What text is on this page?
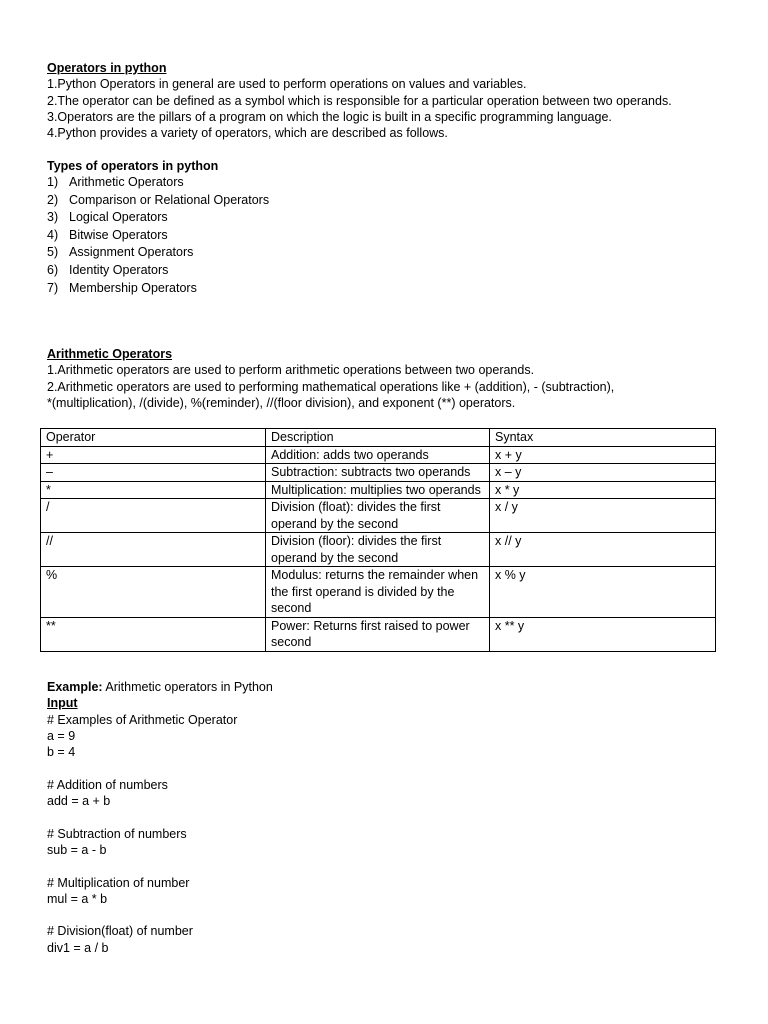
Operators in python
1.Python Operators in general are used to perform operations on values and variables.
2.The operator can be defined as a symbol which is responsible for a particular operation between two operands.
3.Operators are the pillars of a program on which the logic is built in a specific programming language.
4.Python provides a variety of operators, which are described as follows.
Types of operators in python
1) Arithmetic Operators
2) Comparison or Relational Operators
3) Logical Operators
4) Bitwise Operators
5) Assignment Operators
6) Identity Operators
7) Membership Operators
Arithmetic Operators
1.Arithmetic operators are used to perform arithmetic operations between two operands.
2.Arithmetic operators are used to performing mathematical operations like + (addition), - (subtraction),
*(multiplication), /(divide), %(reminder), //(floor division), and exponent (**) operators.
Operator	Description	Syntax
+	Addition: adds two operands	x + y
–	Subtraction: subtracts two operands	x – y
*	Multiplication: multiplies two operands	x * y
/	Division (float): divides the first operand by the second	x / y
//	Division (floor): divides the first operand by the second	x // y
%	Modulus: returns the remainder when the first operand is divided by the second	x % y
**	Power: Returns first raised to power second	x ** y
Example: Arithmetic operators in Python
Input
# Examples of Arithmetic Operator
a = 9
b = 4

# Addition of numbers
add = a + b

# Subtraction of numbers
sub = a - b

# Multiplication of number
mul = a * b

# Division(float) of number
div1 = a / b
